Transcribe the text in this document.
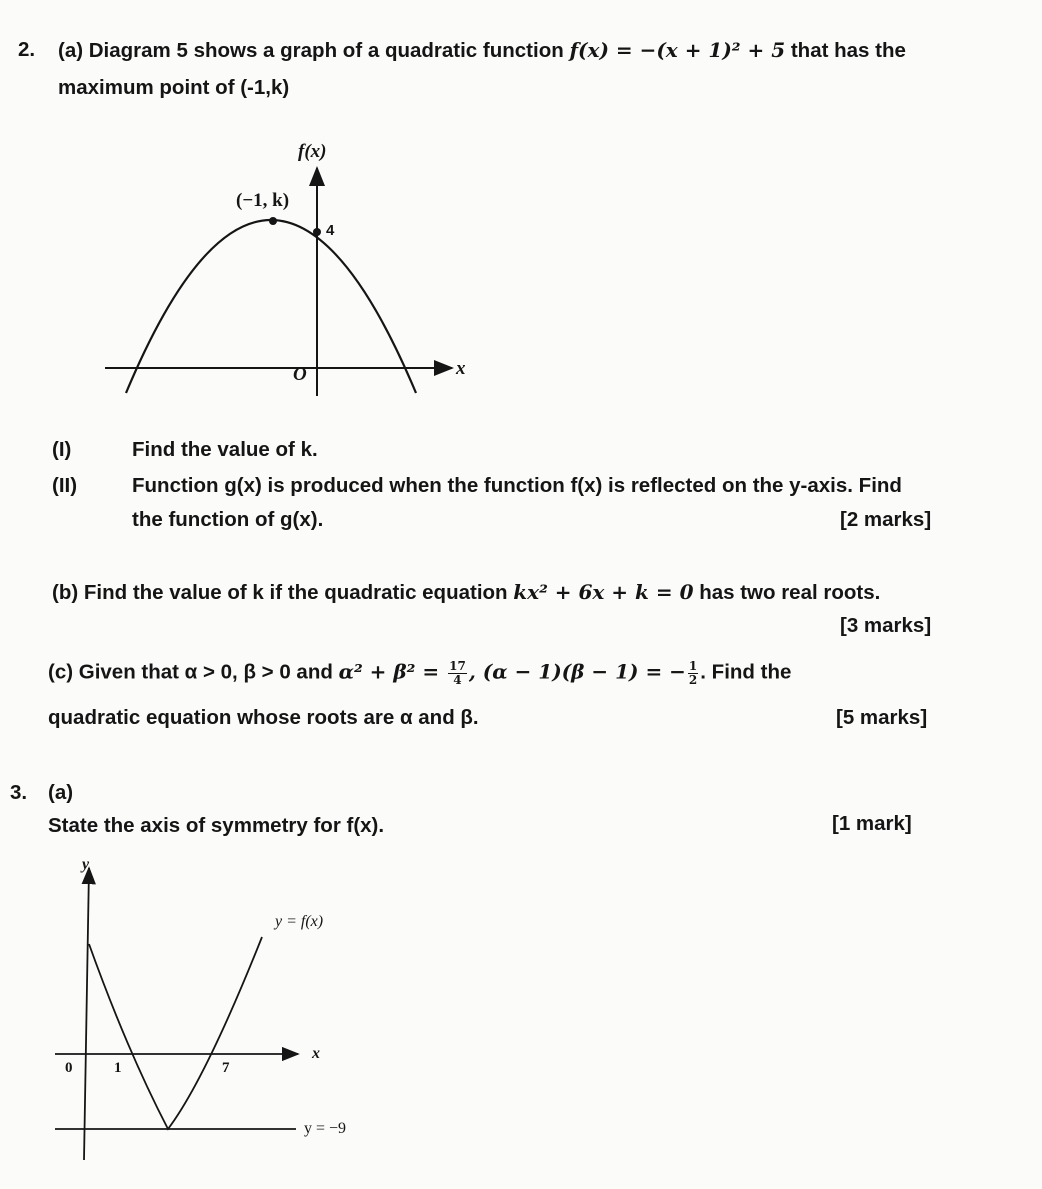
2. (a) Diagram 5 shows a graph of a quadratic function f(x) = −(x + 1)² + 5 that has the
maximum point of (-1,k)
f(x)
x
O
(−1, k)
4
(I)	Find the value of k.
(II)	Function g(x) is produced when the function f(x) is reflected on the y-axis. Find
the function of g(x).	[2 marks]
(b) Find the value of k if the quadratic equation kx² + 6x + k = 0 has two real roots.
[3 marks]
(c) Given that α > 0, β > 0 and $\alpha^2 + \beta^2 = \frac{17}{4}$ , (α − 1)(β − 1) = − $\frac{1}{2}$ . Find the
quadratic equation whose roots are α and β.	[5 marks]
3. (a)
State the axis of symmetry for f(x).	[1 mark]
y
y = f(x)
x
0	1	7
y = −9
